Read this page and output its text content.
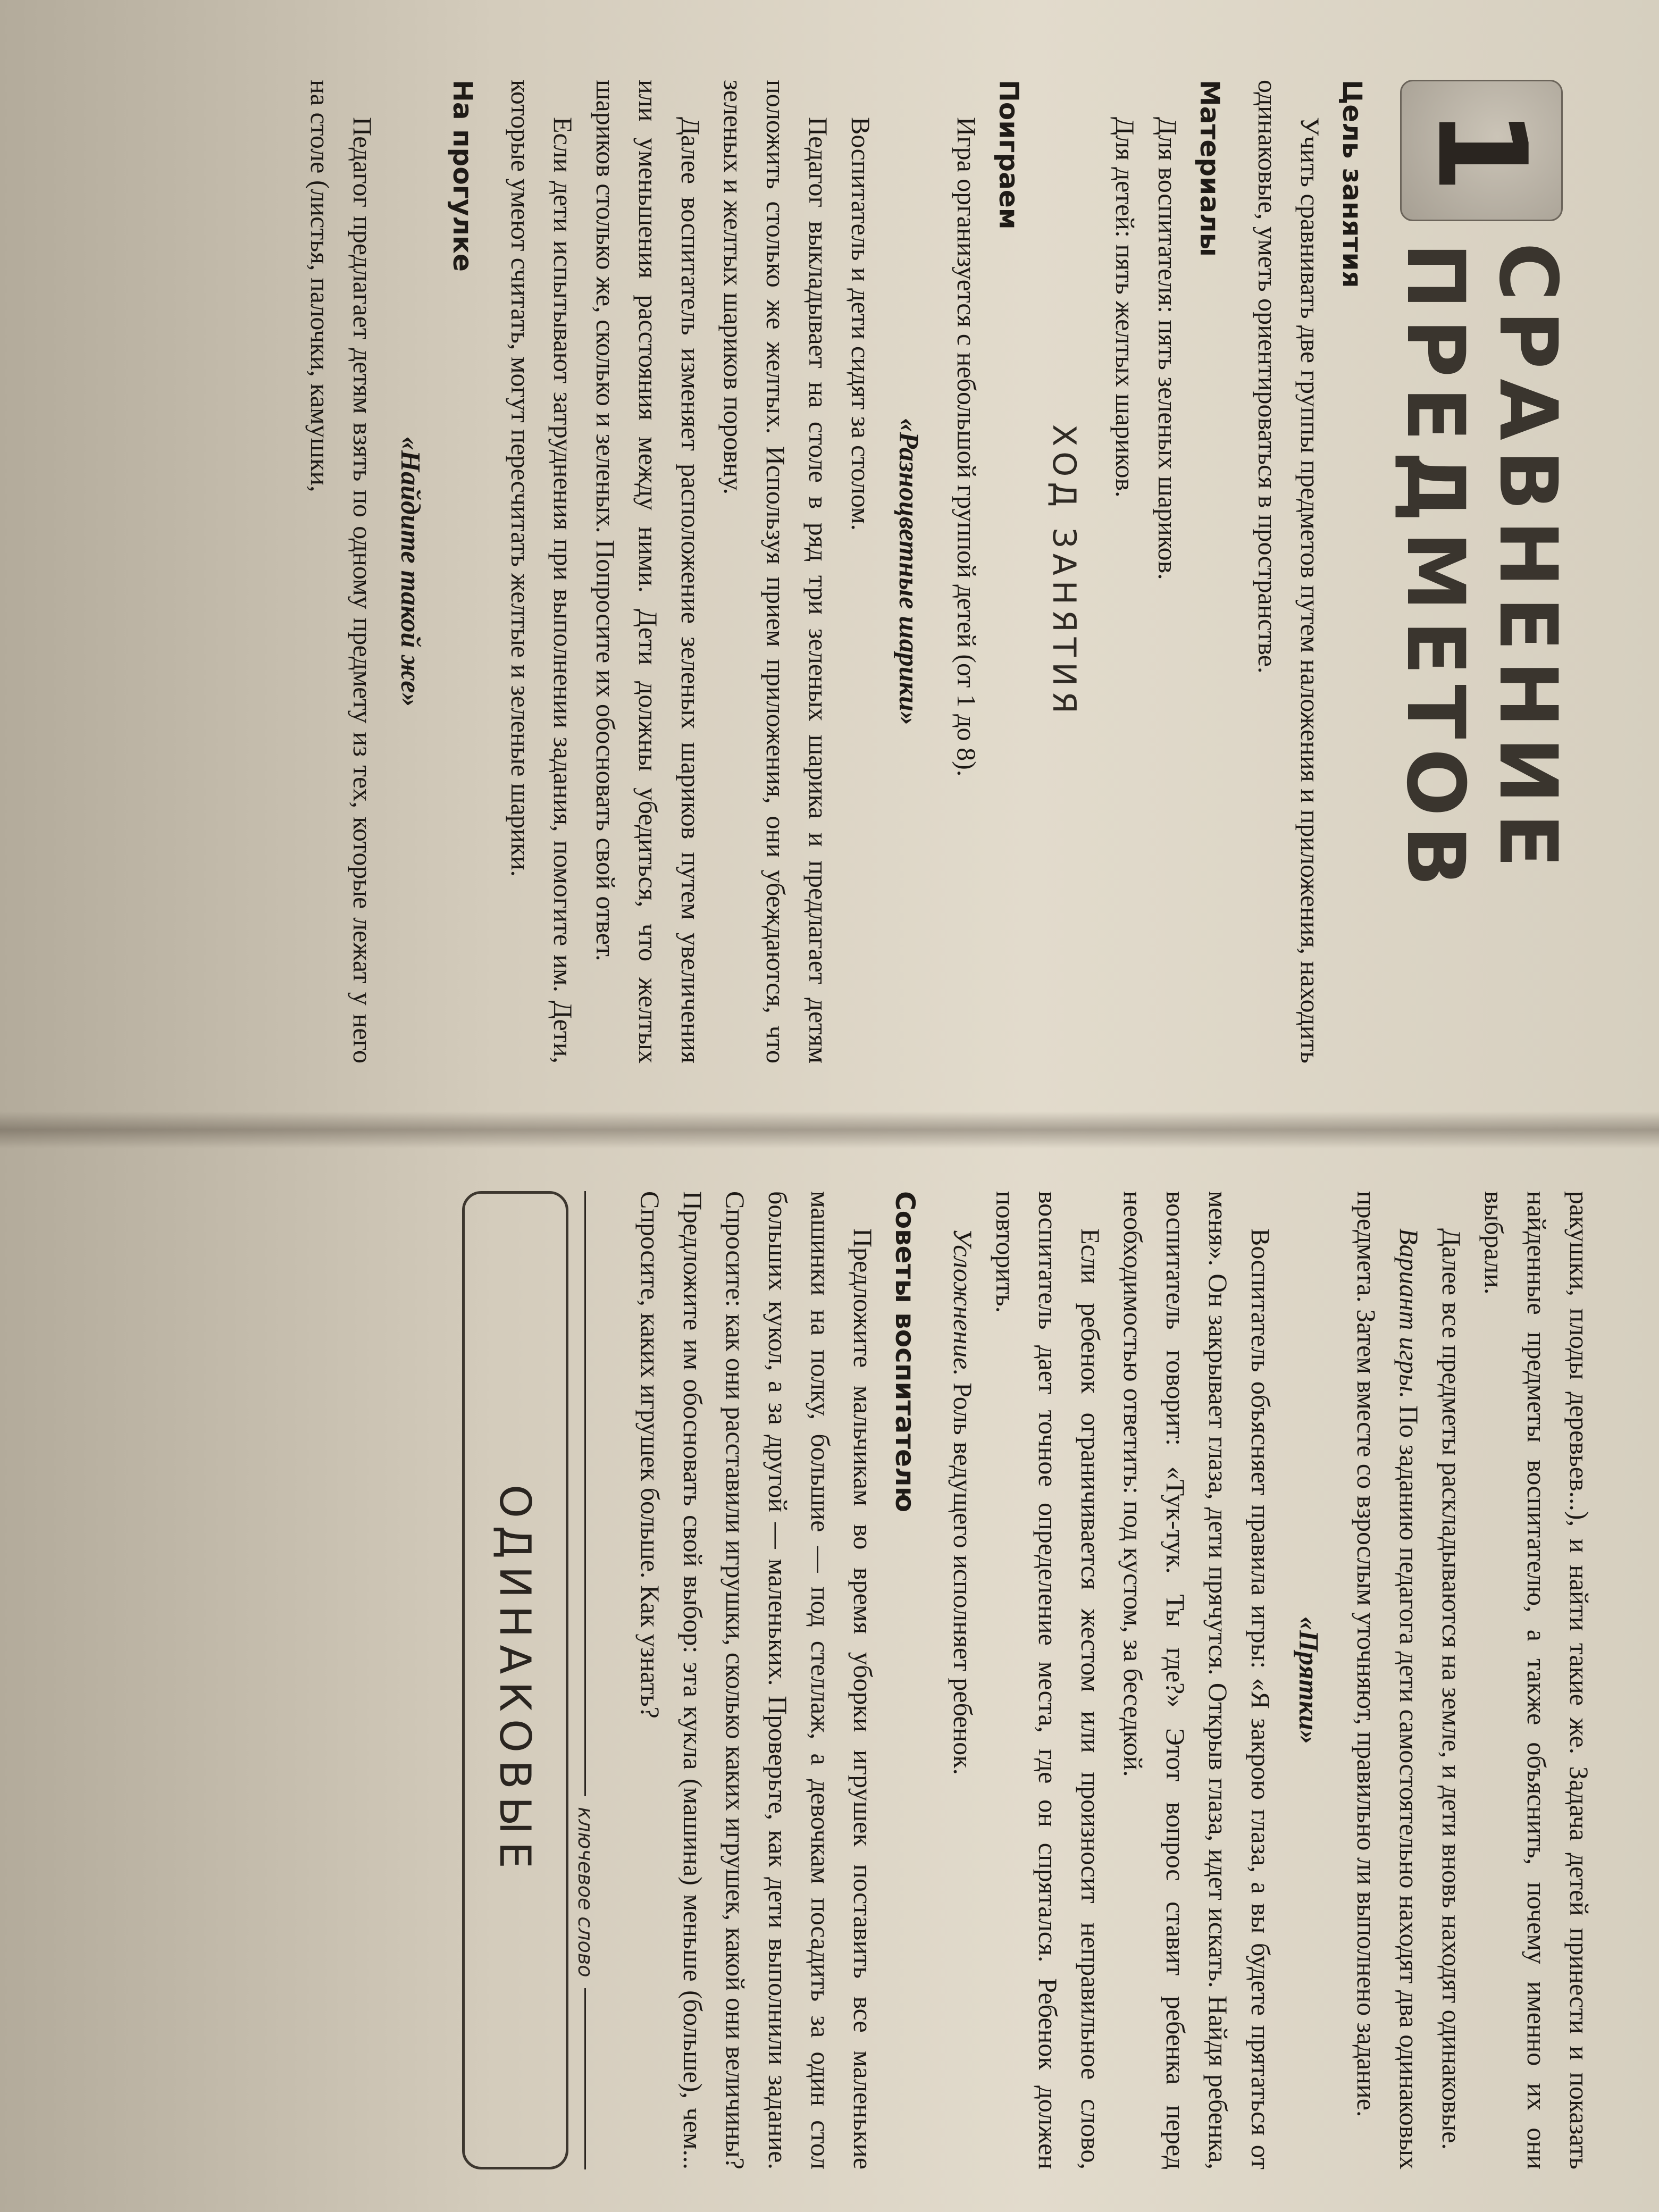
1
СРАВНЕНИЕ ПРЕДМЕТОВ
Цель занятия

Учить сравнивать две группы предметов путем наложения и приложения, находить одинаковые, уметь ориентироваться в пространстве.

Материалы

Для воспитателя: пять зеленых шариков.

Для детей: пять желтых шариков.

ХОД ЗАНЯТИЯ
Поиграем

Игра организуется с небольшой группой детей (от 1 до 8).

«Разноцветные шарики»

Воспитатель и дети сидят за столом.

Педагог выкладывает на столе в ряд три зеленых шарика и предлагает детям положить столько же желтых. Используя прием приложения, они убеждаются, что зеленых и желтых шариков поровну.

Далее воспитатель изменяет расположение зеленых шариков путем увеличения или уменьшения расстояния между ними. Дети должны убедиться, что желтых шариков столько же, сколько и зеленых. Попросите их обосновать свой ответ.

Если дети испытывают затруднения при выполнении задания, помогите им. Дети, которые умеют считать, могут пересчитать желтые и зеленые шарики.

На прогулке
«Найдите такой же»

Педагог предлагает детям взять по одному предмету из тех, которые лежат у него на столе (листья, палочки, камушки,

ракушки, плоды деревьев...), и найти такие же. Задача детей принести и показать найденные предметы воспитателю, а также объяснить, почему именно их они выбрали.

Далее все предметы раскладываются на земле, и дети вновь находят одинаковые.

Вариант игры. По заданию педагога дети самостоятельно находят два одинаковых предмета. Затем вместе со взрослым уточняют, правильно ли выполнено задание.

«Прятки»

Воспитатель объясняет правила игры: «Я закрою глаза, а вы будете прятаться от меня». Он закрывает глаза, дети прячутся. Открыв глаза, идет искать. Найдя ребенка, воспитатель говорит: «Тук-тук. Ты где?» Этот вопрос ставит ребенка перед необходимостью ответить: под кустом, за беседкой.

Если ребенок ограничивается жестом или произносит неправильное слово, воспитатель дает точное определение места, где он спрятался. Ребенок должен повторить.

Усложнение. Роль ведущего исполняет ребенок.

Советы воспитателю

Предложите мальчикам во время уборки игрушек поставить все маленькие машинки на полку, большие — под стеллаж, а девочкам посадить за один стол больших кукол, а за другой — маленьких. Проверьте, как дети выполнили задание. Спросите: как они расставили игрушки, сколько каких игрушек, какой они величины? Предложите им обосновать свой выбор: эта кукла (машина) меньше (больше), чем... Спросите, каких игрушек больше. Как узнать?

ключевое слово
ОДИНАКОВЫЕ
